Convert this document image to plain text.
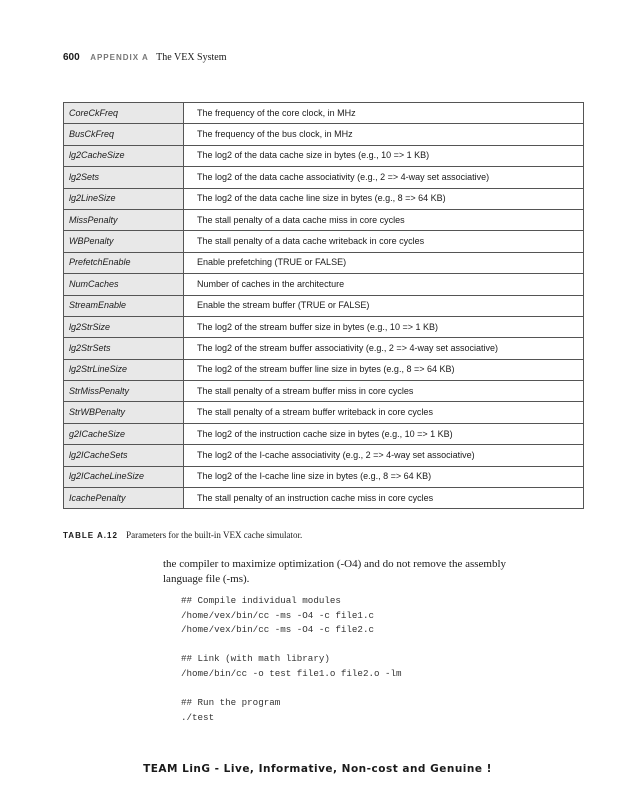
600 APPENDIX A The VEX System
CoreCkFreq	The frequency of the core clock, in MHz
BusCkFreq	The frequency of the bus clock, in MHz
lg2CacheSize	The log2 of the data cache size in bytes (e.g., 10 => 1 KB)
lg2Sets	The log2 of the data cache associativity (e.g., 2 => 4-way set associative)
lg2LineSize	The log2 of the data cache line size in bytes (e.g., 8 => 64 KB)
MissPenalty	The stall penalty of a data cache miss in core cycles
WBPenalty	The stall penalty of a data cache writeback in core cycles
PrefetchEnable	Enable prefetching (TRUE or FALSE)
NumCaches	Number of caches in the architecture
StreamEnable	Enable the stream buffer (TRUE or FALSE)
lg2StrSize	The log2 of the stream buffer size in bytes (e.g., 10 => 1 KB)
lg2StrSets	The log2 of the stream buffer associativity (e.g., 2 => 4-way set associative)
lg2StrLineSize	The log2 of the stream buffer line size in bytes (e.g., 8 => 64 KB)
StrMissPenalty	The stall penalty of a stream buffer miss in core cycles
StrWBPenalty	The stall penalty of a stream buffer writeback in core cycles
g2ICacheSize	The log2 of the instruction cache size in bytes (e.g., 10 => 1 KB)
lg2ICacheSets	The log2 of the I-cache associativity (e.g., 2 => 4-way set associative)
lg2ICacheLineSize	The log2 of the I-cache line size in bytes (e.g., 8 => 64 KB)
IcachePenalty	The stall penalty of an instruction cache miss in core cycles
TABLE A.12 Parameters for the built-in VEX cache simulator.
the compiler to maximize optimization (-O4) and do not remove the assembly
language file (-ms).
## Compile individual modules
/home/vex/bin/cc -ms -O4 -c file1.c
/home/vex/bin/cc -ms -O4 -c file2.c
## Link (with math library)
/home/bin/cc -o test file1.o file2.o -lm
## Run the program
./test
TEAM LinG - Live, Informative, Non-cost and Genuine !
